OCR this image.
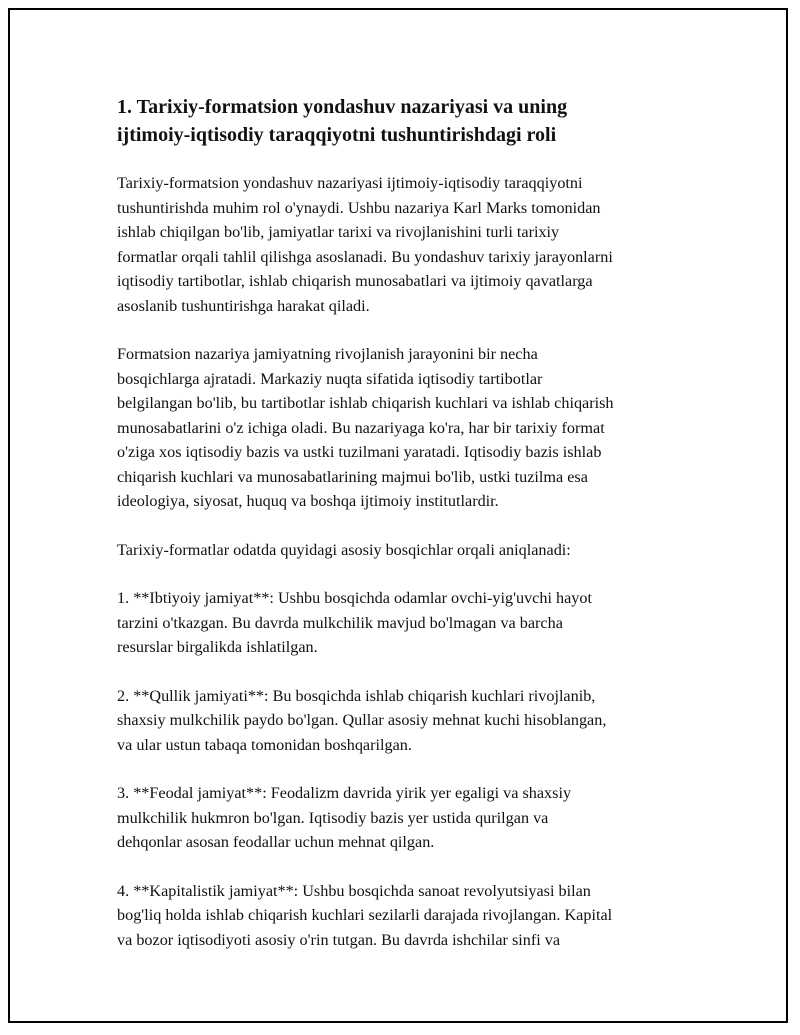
1. Tarixiy-formatsion yondashuv nazariyasi va uning
ijtimoiy-iqtisodiy taraqqiyotni tushuntirishdagi roli

Tarixiy-formatsion yondashuv nazariyasi ijtimoiy-iqtisodiy taraqqiyotni
tushuntirishda muhim rol o'ynaydi. Ushbu nazariya Karl Marks tomonidan
ishlab chiqilgan bo'lib, jamiyatlar tarixi va rivojlanishini turli tarixiy
formatlar orqali tahlil qilishga asoslanadi. Bu yondashuv tarixiy jarayonlarni
iqtisodiy tartibotlar, ishlab chiqarish munosabatlari va ijtimoiy qavatlarga
asoslanib tushuntirishga harakat qiladi.

Formatsion nazariya jamiyatning rivojlanish jarayonini bir necha
bosqichlarga ajratadi. Markaziy nuqta sifatida iqtisodiy tartibotlar
belgilangan bo'lib, bu tartibotlar ishlab chiqarish kuchlari va ishlab chiqarish
munosabatlarini o'z ichiga oladi. Bu nazariyaga ko'ra, har bir tarixiy format
o'ziga xos iqtisodiy bazis va ustki tuzilmani yaratadi. Iqtisodiy bazis ishlab
chiqarish kuchlari va munosabatlarining majmui bo'lib, ustki tuzilma esa
ideologiya, siyosat, huquq va boshqa ijtimoiy institutlardir.

Tarixiy-formatlar odatda quyidagi asosiy bosqichlar orqali aniqlanadi:

1. **Ibtiyoiy jamiyat**: Ushbu bosqichda odamlar ovchi-yig'uvchi hayot
tarzini o'tkazgan. Bu davrda mulkchilik mavjud bo'lmagan va barcha
resurslar birgalikda ishlatilgan.

2. **Qullik jamiyati**: Bu bosqichda ishlab chiqarish kuchlari rivojlanib,
shaxsiy mulkchilik paydo bo'lgan. Qullar asosiy mehnat kuchi hisoblangan,
va ular ustun tabaqa tomonidan boshqarilgan.

3. **Feodal jamiyat**: Feodalizm davrida yirik yer egaligi va shaxsiy
mulkchilik hukmron bo'lgan. Iqtisodiy bazis yer ustida qurilgan va
dehqonlar asosan feodallar uchun mehnat qilgan.

4. **Kapitalistik jamiyat**: Ushbu bosqichda sanoat revolyutsiyasi bilan
bog'liq holda ishlab chiqarish kuchlari sezilarli darajada rivojlangan. Kapital
va bozor iqtisodiyoti asosiy o'rin tutgan. Bu davrda ishchilar sinfi va
